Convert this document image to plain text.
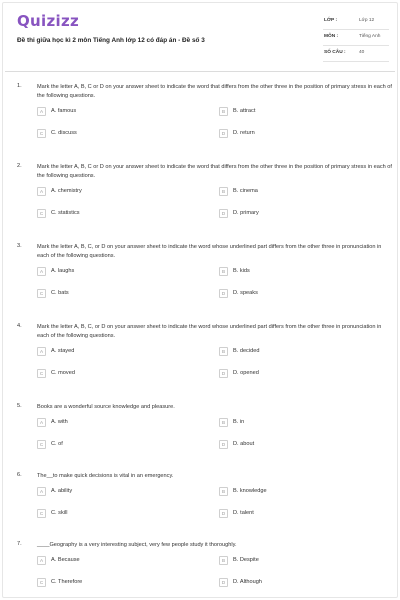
Quizizz
Đề thi giữa học kì 2 môn Tiếng Anh lớp 12 có đáp án - Đề số 3
LỚP :	Lớp 12
MÔN :	Tiếng Anh
SỐ CÂU :	40
1.	Mark the letter A, B, C or D on your answer sheet to indicate the word that differs from the other three in the position of primary stress in each of the following questions.
A	A. famous	B	B. attract
C	C. discuss	D	D. return
2.	Mark the letter A, B, C or D on your answer sheet to indicate the word that differs from the other three in the position of primary stress in each of the following questions.
A	A. chemistry	B	B. cinema
C	C. statistics	D	D. primary
3.	Mark the letter A, B, C, or D on your answer sheet to indicate the word whose underlined part differs from the other three in pronunciation in each of the following questions.
A	A. laughs	B	B. kids
C	C. bats	D	D. speaks
4.	Mark the letter A, B, C, or D on your answer sheet to indicate the word whose underlined part differs from the other three in pronunciation in each of the following questions.
A	A. stayed	B	B. decided
C	C. moved	D	D. opened
5.	Books are a wonderful source knowledge and pleasure.
A	A. with	B	B. in
C	C. of	D	D. about
6.	The__to make quick decisions is vital in an emergency.
A	A. ability	B	B. knowledge
C	C. skill	D	D. talent
7.	____Geography is a very interesting subject, very few people study it thoroughly.
A	A. Because	B	B. Despite
C	C. Therefore	D	D. Although
